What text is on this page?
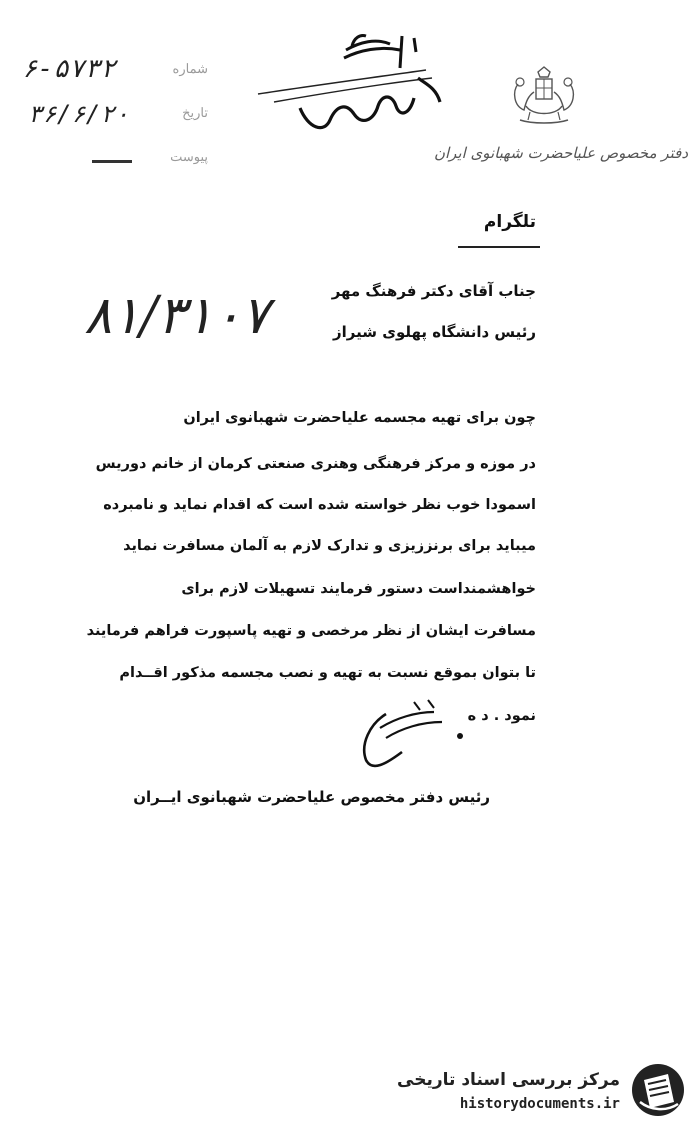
دفتر مخصوص علیاحضرت شهبانوی ایران
شماره
۶-۵۷۳۲
تاریخ
۳۶/۶/۲۰
پیوست
۸۱/۳۱۰۷
تلگرام
جناب آقای دکتر فرهنگ مهر
رئیس دانشگاه پهلوی شیراز
چون برای تهیه مجسمه علیاحضرت شهبانوی ایران
در موزه و مرکز فرهنگی وهنری صنعتی کرمان از خانم دوریس
اسمودا خوب نظر خواسته شده است که اقدام نماید و نامبرده
میباید برای برنززیزی و تدارک لازم به آلمان مسافرت نماید
خواهشمنداست دستور فرمایند تسهیلات لازم برای
مسافرت ایشان از نظر مرخصی و تهیه پاسپورت فراهم فرمایند
تا بتوان بموقع نسبت به تهیه و نصب مجسمه مذکور اقــدام
نمود . د ه
رئیس دفتر مخصوص علیاحضرت شهبانوی ایــران
مرکز بررسی اسناد تاریخی
historydocuments.ir
